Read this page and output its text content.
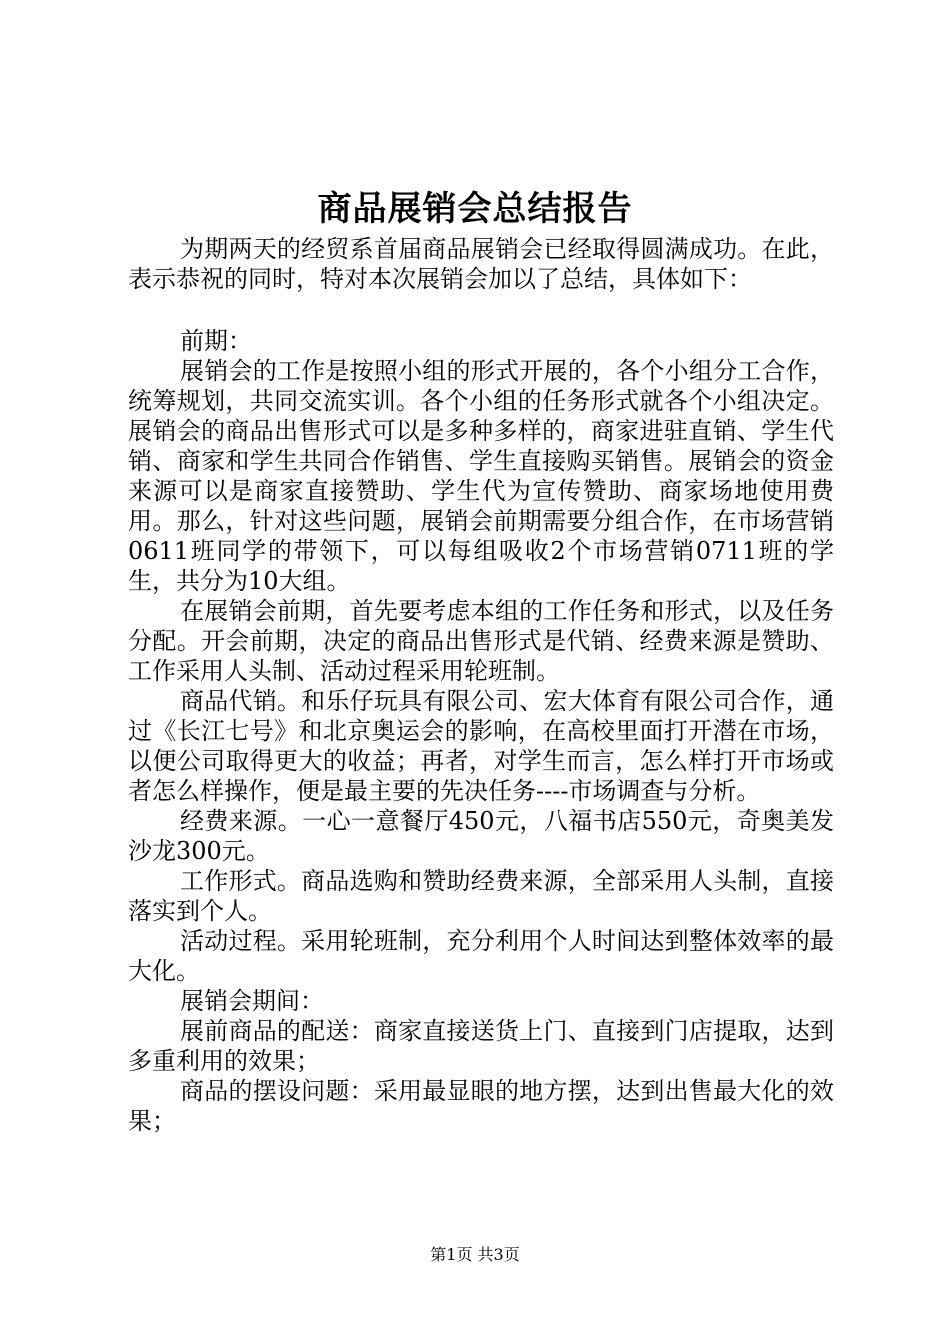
商品展销会总结报告

为期两天的经贸系首届商品展销会已经取得圆满成功。在此，表示恭祝的同时，特对本次展销会加以了总结，具体如下：

前期：

展销会的工作是按照小组的形式开展的，各个小组分工合作，统筹规划，共同交流实训。各个小组的任务形式就各个小组决定。展销会的商品出售形式可以是多种多样的，商家进驻直销、学生代销、商家和学生共同合作销售、学生直接购买销售。展销会的资金来源可以是商家直接赞助、学生代为宣传赞助、商家场地使用费用。那么，针对这些问题，展销会前期需要分组合作，在市场营销0611班同学的带领下，可以每组吸收2个市场营销0711班的学生，共分为10大组。

在展销会前期，首先要考虑本组的工作任务和形式，以及任务分配。开会前期，决定的商品出售形式是代销、经费来源是赞助、工作采用人头制、活动过程采用轮班制。

商品代销。和乐仔玩具有限公司、宏大体育有限公司合作，通过《长江七号》和北京奥运会的影响，在高校里面打开潜在市场，以便公司取得更大的收益；再者，对学生而言，怎么样打开市场或者怎么样操作，便是最主要的先决任务----市场调查与分析。

经费来源。一心一意餐厅450元，八福书店550元，奇奥美发沙龙300元。

工作形式。商品选购和赞助经费来源，全部采用人头制，直接落实到个人。

活动过程。采用轮班制，充分利用个人时间达到整体效率的最大化。

展销会期间：

展前商品的配送：商家直接送货上门、直接到门店提取，达到多重利用的效果；

商品的摆设问题：采用最显眼的地方摆，达到出售最大化的效果；

第1页 共3页
